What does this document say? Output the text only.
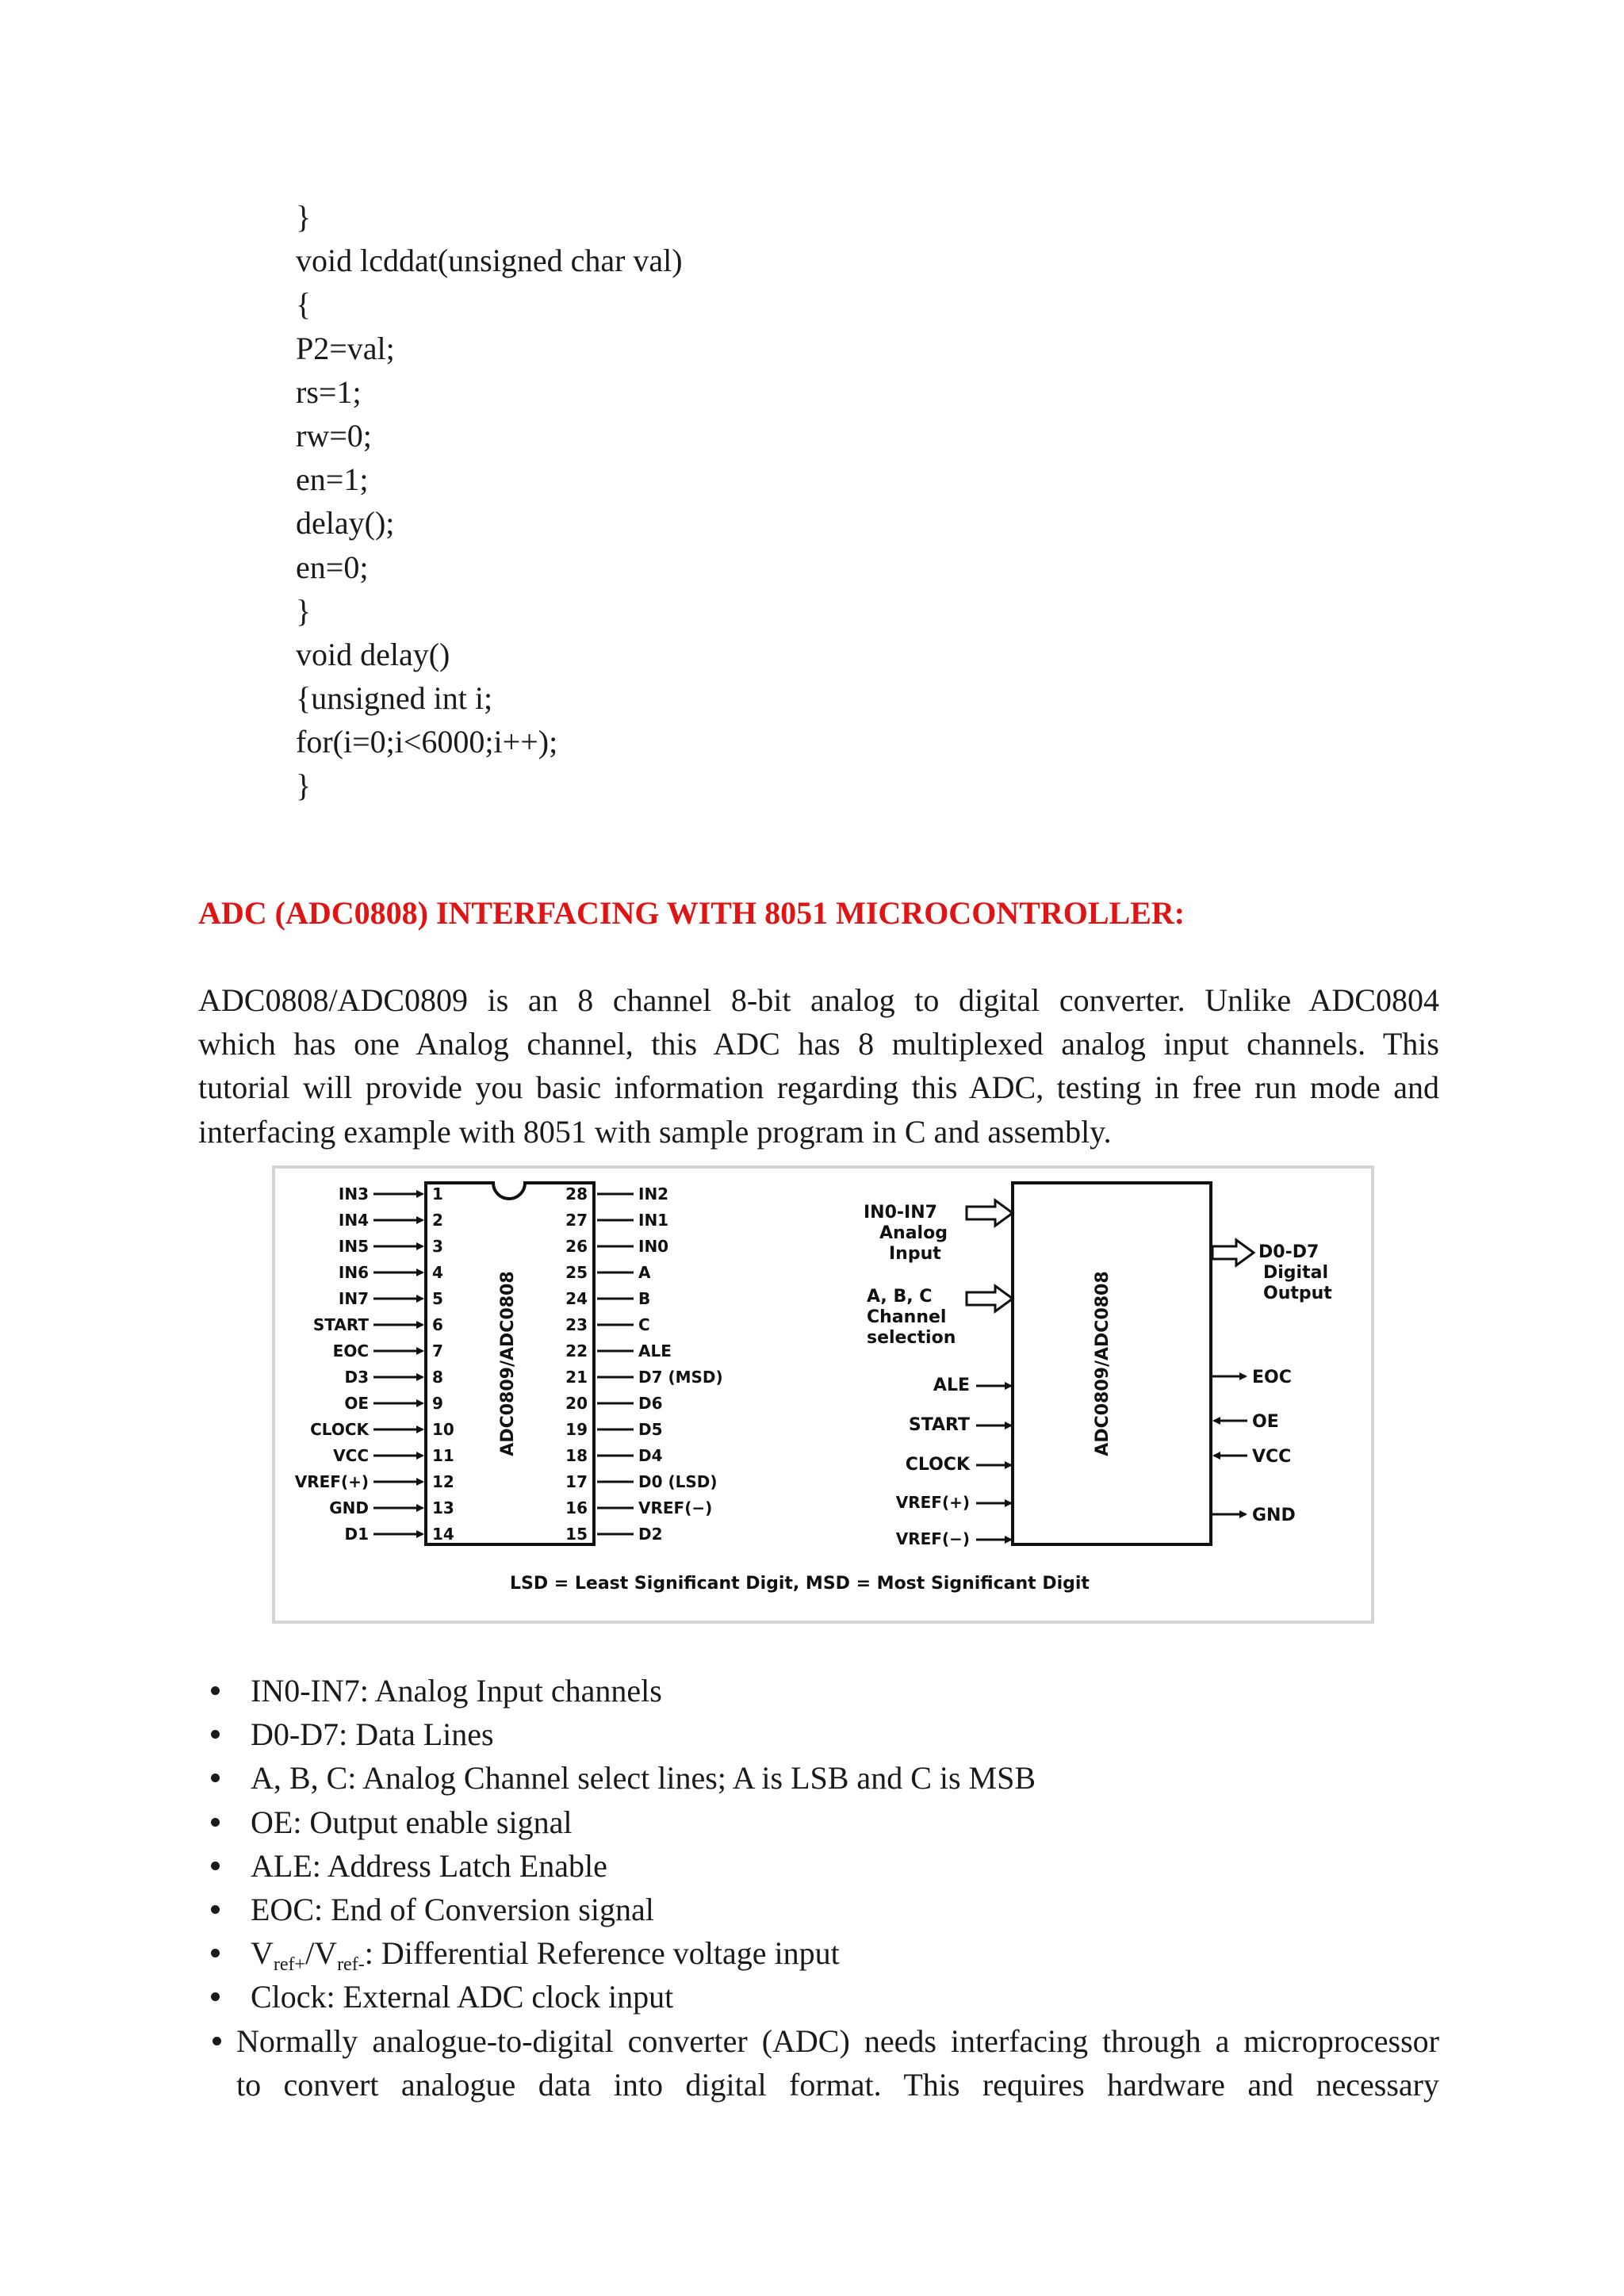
}
void lcddat(unsigned char val)
{
P2=val;
rs=1;
rw=0;
en=1;
delay();
en=0;
}
void delay()
{unsigned int i;
for(i=0;i<6000;i++);
}
ADC (ADC0808) INTERFACING WITH 8051 MICROCONTROLLER:
ADC0808/ADC0809 is an 8 channel 8-bit analog to digital converter. Unlike ADC0804
which has one Analog channel, this ADC has 8 multiplexed analog input channels. This
tutorial will provide you basic information regarding this ADC, testing in free run mode and
interfacing example with 8051 with sample program in C and assembly.
ADC0809/ADC0808
IN3	1
IN4	2
IN5	3
IN6	4
IN7	5
START	6
EOC	7
D3	8
OE	9
CLOCK	10
VCC	11
VREF(+)	12
GND	13
D1	14
28	IN2
27	IN1
26	IN0
25	A
24	B
23	C
22	ALE
21	D7 (MSD)
20	D6
19	D5
18	D4
17	D0 (LSD)
16	VREF(−)
15	D2
ADC0809/ADC0808
IN0-IN7
Analog
Input
A, B, C
Channel
selection
ALE
START
CLOCK
VREF(+)
VREF(−)
D0-D7
Digital
Output
EOC
OE
VCC
GND
LSD = Least Significant Digit, MSD = Most Significant Digit
IN0-IN7: Analog Input channels
D0-D7: Data Lines
A, B, C: Analog Channel select lines; A is LSB and C is MSB
OE: Output enable signal
ALE: Address Latch Enable
EOC: End of Conversion signal
$V_{ref+}/V_{ref-}$: Differential Reference voltage input
Clock: External ADC clock input
Normally analogue-to-digital converter (ADC) needs interfacing through a microprocessor
to convert analogue data into digital format. This requires hardware and necessary
